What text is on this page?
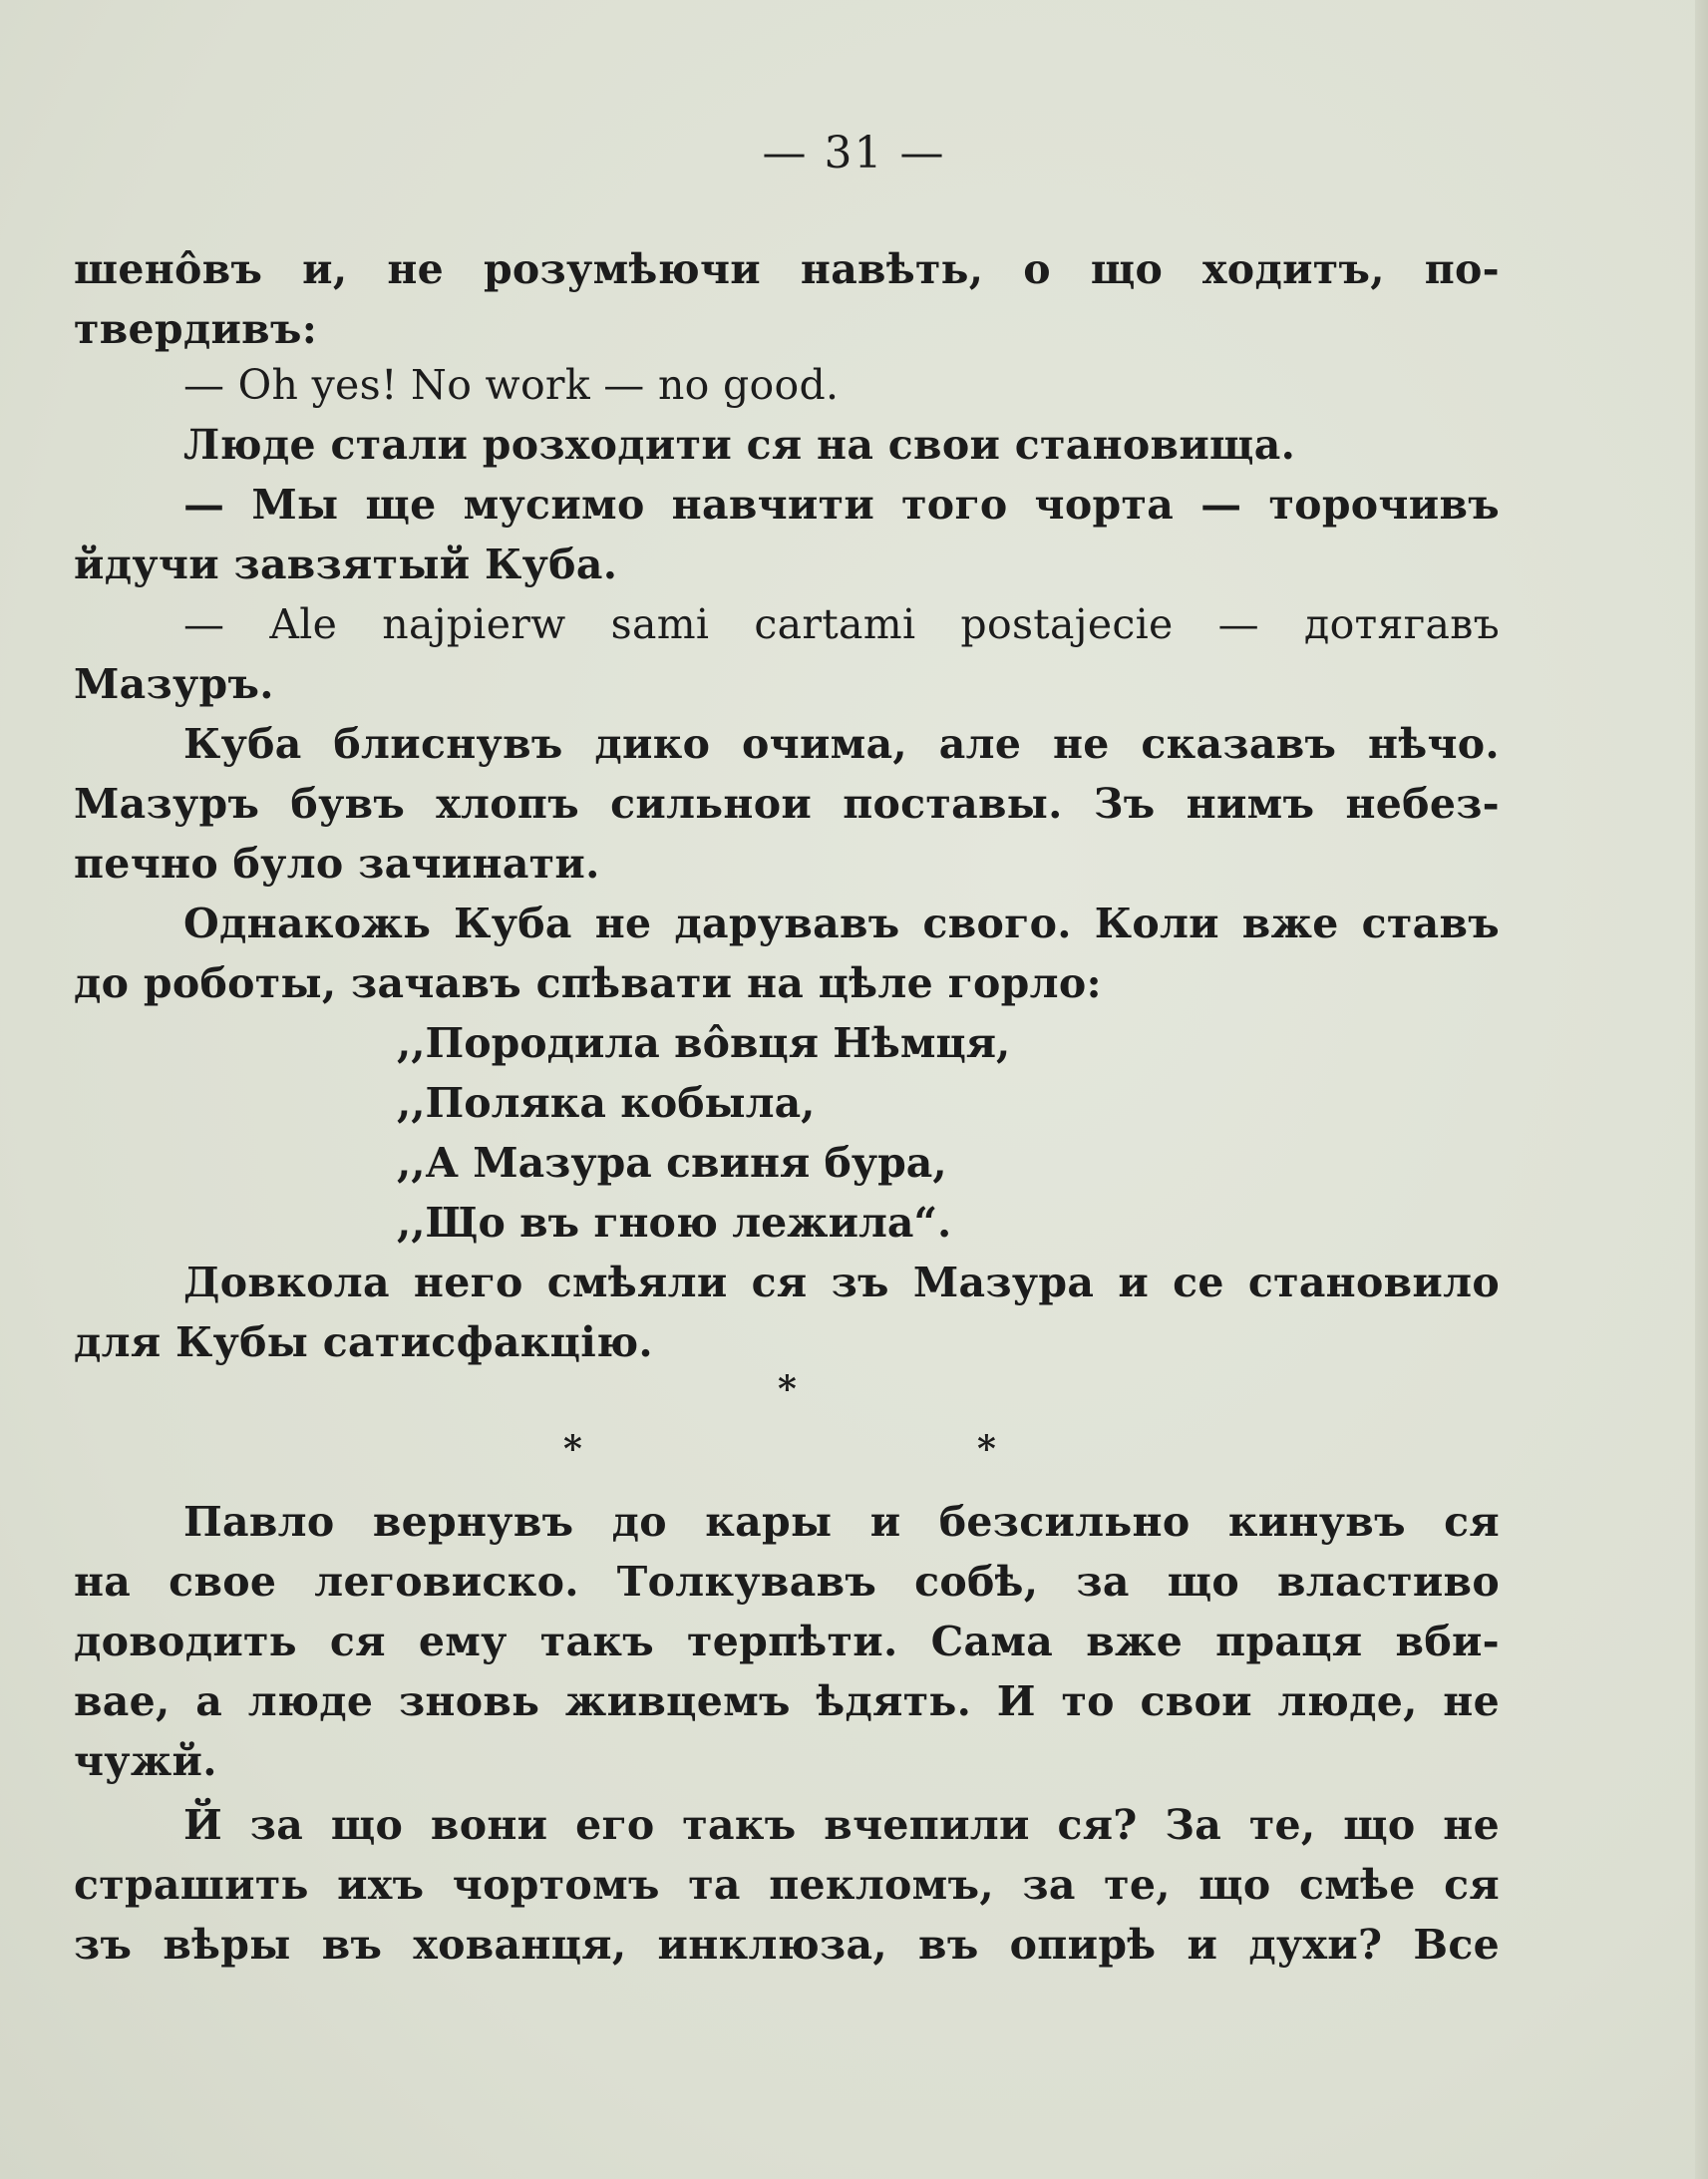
— 31 —
шенôвъ и, не розумѣючи навѣть, о що ходитъ, по-
твердивъ:
— Oh yes! No work — no good.
Люде стали розходити ся на свои становища.
— Мы ще мусимо навчити того чорта — торочивъ
йдучи завзятый Куба.
— Ale najpierw sami cartami postajecie — дотягавъ
Мазуръ.
Куба блиснувъ дико очима, але не сказавъ нѣчо.
Мазуръ бувъ хлопъ сильнои поставы. Зъ нимъ небез-
печно було зачинати.
Однакожь Куба не дарувавъ свого. Коли вже ставъ
до роботы, зачавъ спѣвати на цѣле горло:
,,Породила вôвця Нѣмця,
,,Поляка кобыла,
,,А Мазура свиня бура,
,,Що въ гною лежила“.
Довкола него смѣяли ся зъ Мазура и се становило
для Кубы сатисфакцію.
*
*	*
Павло вернувъ до кары и безсильно кинувъ ся
на свое леговиско. Толкувавъ собѣ, за що властиво
доводить ся ему такъ терпѣти. Сама вже праця вби-
вае, а люде зновь живцемъ ѣдять. И то свои люде, не
чужй.
Й за що вони его такъ вчепили ся? За те, що не
страшить ихъ чортомъ та пекломъ, за те, що смѣе ся
зъ вѣры въ хованця, инклюза, въ опирѣ и духи? Все
